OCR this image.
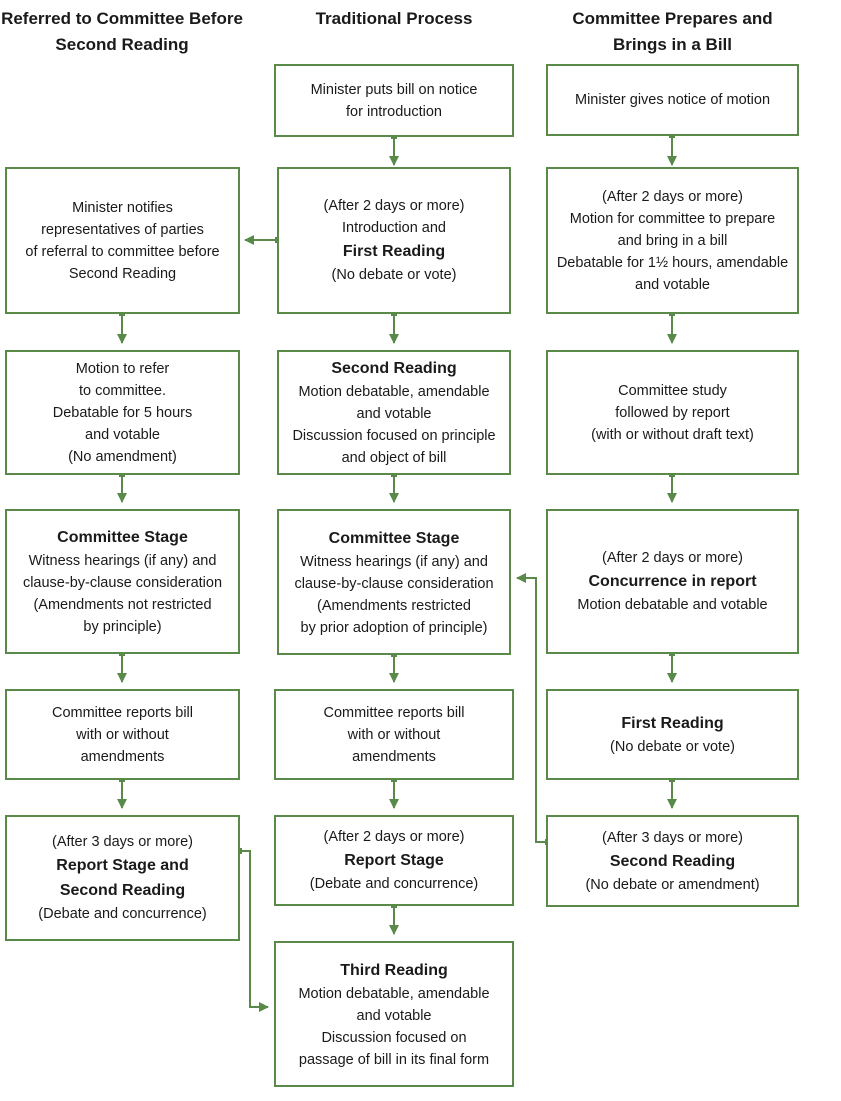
Referred to Committee Before
Second Reading
Traditional Process	Committee Prepares and
Brings in a Bill
Minister puts bill on notice
for introduction
(After 2 days or more)
Introduction and
First Reading
(No debate or vote)
Second Reading
Motion debatable, amendable
and votable
Discussion focused on principle
and object of bill
Committee Stage
Witness hearings (if any) and
clause-by-clause consideration
(Amendments restricted
by prior adoption of principle)
Committee reports bill
with or without
amendments
(After 2 days or more)
Report Stage
(Debate and concurrence)
Third Reading
Motion debatable, amendable
and votable
Discussion focused on
passage of bill in its final form
Minister notifies
representatives of parties
of referral to committee before
Second Reading
Motion to refer
to committee.
Debatable for 5 hours
and votable
(No amendment)
Committee Stage
Witness hearings (if any) and
clause-by-clause consideration
(Amendments not restricted
by principle)
Committee reports bill
with or without
amendments
(After 3 days or more)
Report Stage and
Second Reading
(Debate and concurrence)
Minister gives notice of motion
(After 2 days or more)
Motion for committee to prepare
and bring in a bill
Debatable for 1½ hours, amendable
and votable
Committee study
followed by report
(with or without draft text)
(After 2 days or more)
Concurrence in report
Motion debatable and votable
First Reading
(No debate or vote)
(After 3 days or more)
Second Reading
(No debate or amendment)
